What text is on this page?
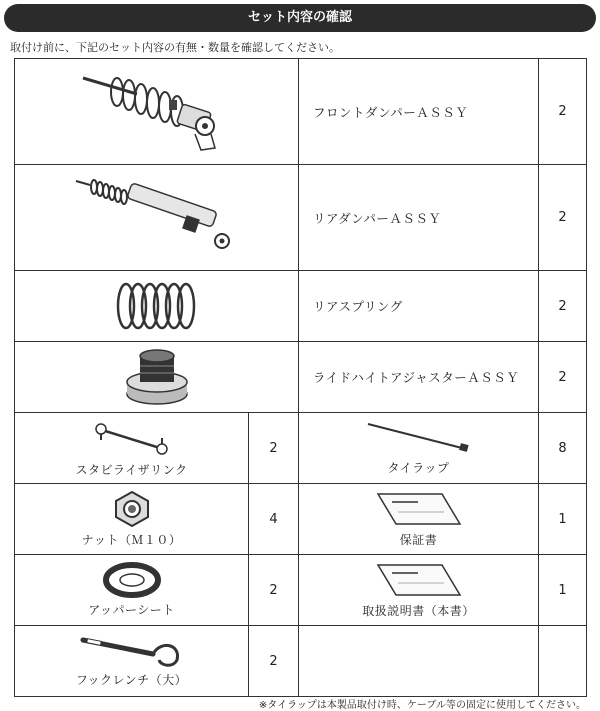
セット内容の確認
取付け前に、下記のセット内容の有無・数量を確認してください。
	フロントダンパーＡＳＳＹ	2

	リアダンパーＡＳＳＹ	2

	リアスプリング	2

	ライドハイトアジャスターＡＳＳＹ	2

スタビライザリンク	2	タイラップ	8

ナット（Ｍ１０）	4	保証書	1

アッパーシート	2	取扱説明書（本書）	1

フックレンチ（大）	2		
※タイラップは本製品取付け時、ケーブル等の固定に使用してください。
